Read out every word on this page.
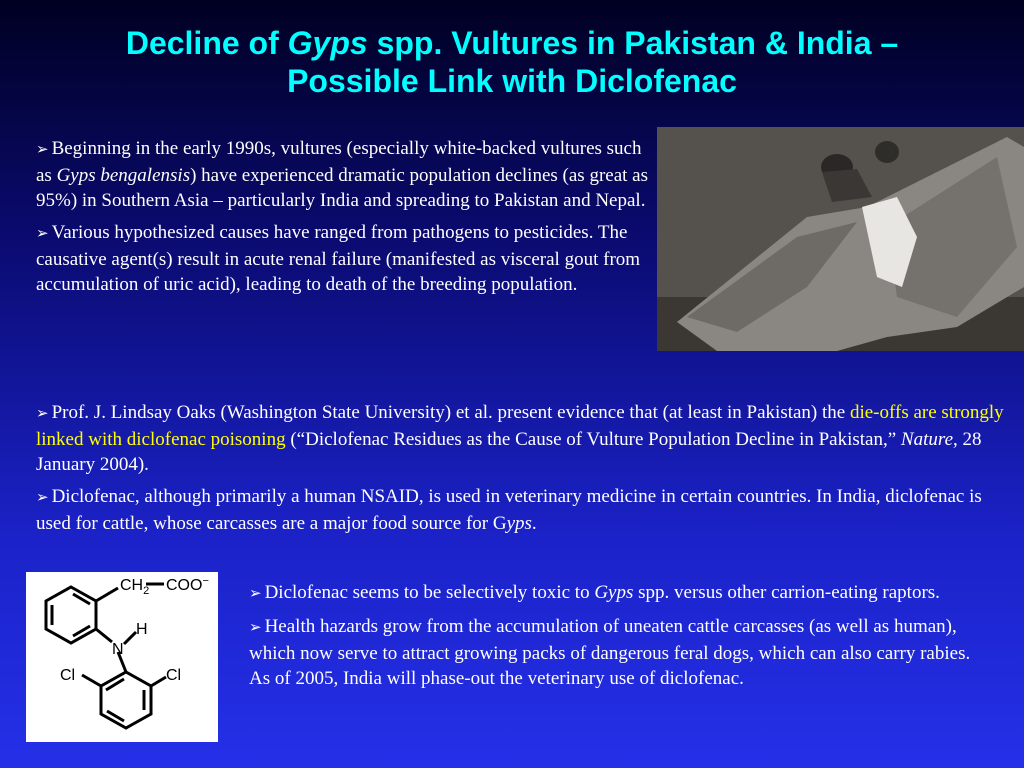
Decline of Gyps spp. Vultures in Pakistan & India –
Possible Link with Diclofenac

➢ Beginning in the early 1990s, vultures (especially white-backed vultures such as Gyps bengalensis) have experienced dramatic population declines (as great as 95%) in Southern Asia – particularly India and spreading to Pakistan and Nepal.

➢ Various hypothesized causes have ranged from pathogens to pesticides. The causative agent(s) result in acute renal failure (manifested as visceral gout from accumulation of uric acid), leading to death of the breeding population.

➢ Prof. J. Lindsay Oaks (Washington State University) et al. present evidence that (at least in Pakistan) the die-offs are strongly linked with diclofenac poisoning (“Diclofenac Residues as the Cause of Vulture Population Decline in Pakistan,” Nature, 28 January 2004).

➢ Diclofenac, although primarily a human NSAID, is used in veterinary medicine in certain countries. In India, diclofenac is used for cattle, whose carcasses are a major food source for Gyps.

$CH_2$ COO−
N
H
Cl	Cl

➢ Diclofenac seems to be selectively toxic to Gyps spp. versus other carrion-eating raptors.

➢ Health hazards grow from the accumulation of uneaten cattle carcasses (as well as human), which now serve to attract growing packs of dangerous feral dogs, which can also carry rabies. As of 2005, India will phase-out the veterinary use of diclofenac.
